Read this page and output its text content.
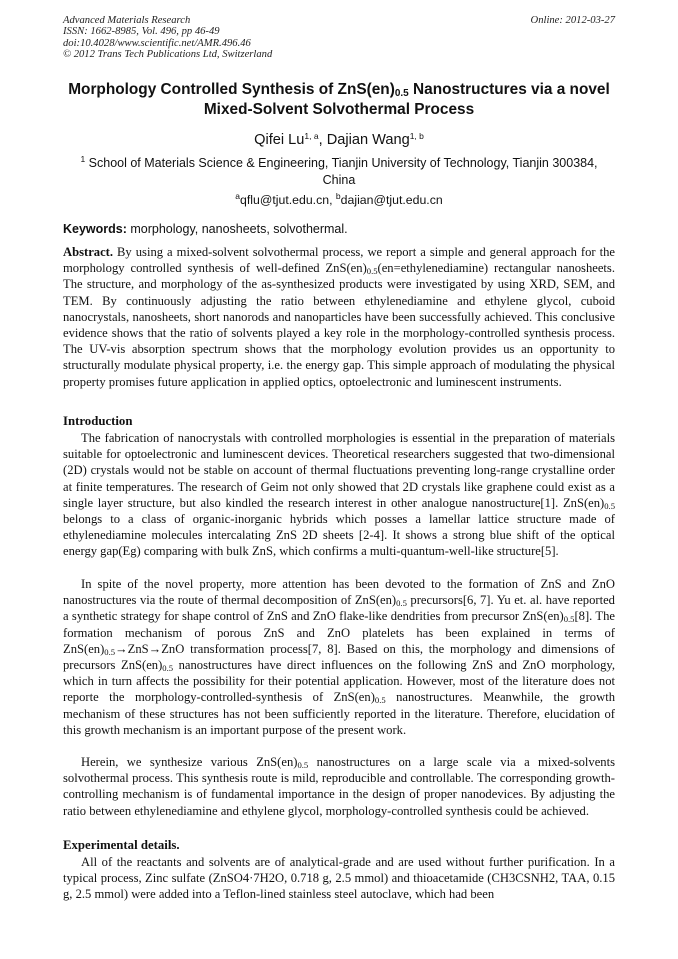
Advanced Materials Research
ISSN: 1662-8985, Vol. 496, pp 46-49
doi:10.4028/www.scientific.net/AMR.496.46
© 2012 Trans Tech Publications Ltd, Switzerland
Online: 2012-03-27
Morphology Controlled Synthesis of $ZnS(en)_{0.5}$ Nanostructures via a novel Mixed-Solvent Solvothermal Process
Qifei Lu$^{1, a}$, Dajian Wang$^{1, b}$
$^1$ School of Materials Science & Engineering, Tianjin University of Technology, Tianjin 300384, China
$^a$qflu@tjut.edu.cn, $^b$dajian@tjut.edu.cn
Keywords: morphology, nanosheets, solvothermal.
Abstract. By using a mixed-solvent solvothermal process, we report a simple and general approach for the morphology controlled synthesis of well-defined $ZnS(en)_{0.5}(en=ethylenediamine)$ rectangular nanosheets. The structure, and morphology of the as-synthesized products were investigated by using XRD, SEM, and TEM. By continuously adjusting the ratio between ethylenediamine and ethylene glycol, cuboid nanocrystals, nanosheets, short nanorods and nanoparticles have been successfully achieved. This conclusive evidence shows that the ratio of solvents played a key role in the morphology-controlled synthesis process. The UV-vis absorption spectrum shows that the morphology evolution provides us an opportunity to structurally modulate physical property, i.e. the energy gap. This simple approach of modulating the physical property promises future application in applied optics, optoelectronic and luminescent instruments.
Introduction
The fabrication of nanocrystals with controlled morphologies is essential in the preparation of materials suitable for optoelectronic and luminescent devices. Theoretical researchers suggested that two-dimensional (2D) crystals would not be stable on account of thermal fluctuations preventing long-range crystalline order at finite temperatures. The research of Geim not only showed that 2D crystals like graphene could exist as a single layer structure, but also kindled the research interest in other analogue nanostructure[1]. $ZnS(en)_{0.5}$ belongs to a class of organic-inorganic hybrids which posses a lamellar lattice structure made of ethylenediamine molecules intercalating ZnS 2D sheets [2-4]. It shows a strong blue shift of the optical energy gap(Eg) comparing with bulk ZnS, which confirms a multi-quantum-well-like structure[5].
In spite of the novel property, more attention has been devoted to the formation of ZnS and ZnO nanostructures via the route of thermal decomposition of $ZnS(en)_{0.5}$ precursors[6, 7]. Yu et. al. have reported a synthetic strategy for shape control of ZnS and ZnO flake-like dendrities from precursor $ZnS(en)_{0.5}[8]$. The formation mechanism of porous ZnS and ZnO platelets has been explained in terms of $ZnS(en)_{0.5}\to ZnS\to ZnO$ transformation process[7, 8]. Based on this, the morphology and dimensions of precursors $ZnS(en)_{0.5}$ nanostructures have direct influences on the following ZnS and ZnO morphology, which in turn affects the possibility for their potential application. However, most of the literature does not reporte the morphology-controlled-synthesis of $ZnS(en)_{0.5}$ nanostructures. Meanwhile, the growth mechanism of these structures has not been sufficiently reported in the literature. Therefore, elucidation of this growth mechanism is an important purpose of the present work.
Herein, we synthesize various $ZnS(en)_{0.5}$ nanostructures on a large scale via a mixed-solvents solvothermal process. This synthesis route is mild, reproducible and controllable. The corresponding growth-controlling mechanism is of fundamental importance in the design of proper nanodevices. By adjusting the ratio between ethylenediamine and ethylene glycol, morphology-controlled synthesis could be achieved.
Experimental details.
All of the reactants and solvents are of analytical-grade and are used without further purification. In a typical process, Zinc sulfate (ZnSO4·7H2O, 0.718 g, 2.5 mmol) and thioacetamide (CH3CSNH2, TAA, 0.15 g, 2.5 mmol) were added into a Teflon-lined stainless steel autoclave, which had been
